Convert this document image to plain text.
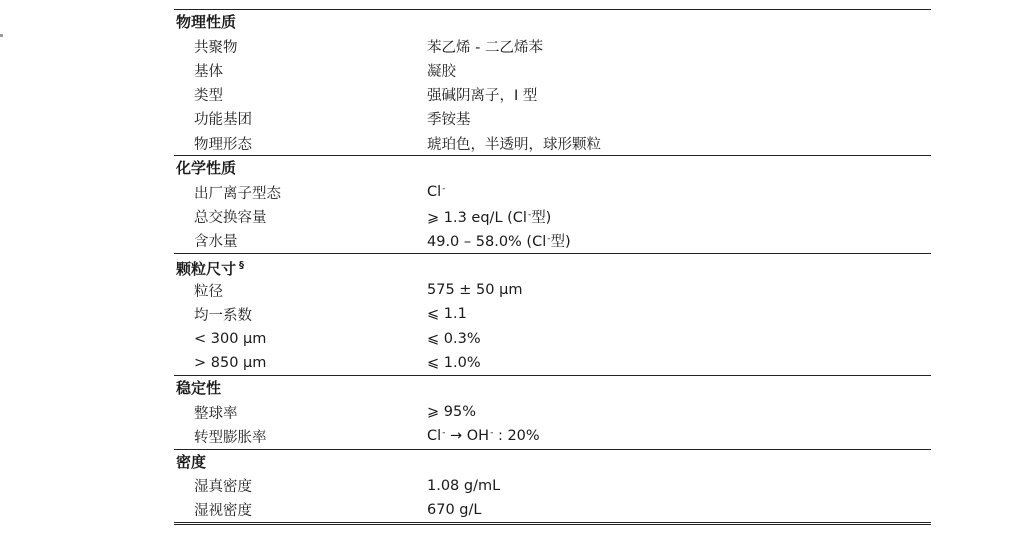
物理性质
共聚物	苯乙烯 - 二乙烯苯
基体	凝胶
类型	强碱阴离子，I 型
功能基团	季铵基
物理形态	琥珀色，半透明，球形颗粒
化学性质
出厂离子型态	Cl-
总交换容量	⩾ 1.3 eq/L (Cl-型)
含水量	49.0 – 58.0% (Cl-型)
颗粒尺寸 §
粒径	575 ± 50 µm
均一系数	⩽ 1.1
< 300 µm	⩽ 0.3%
> 850 µm	⩽ 1.0%
稳定性
整球率	⩾ 95%
转型膨胀率	Cl- → OH- : 20%
密度
湿真密度	1.08 g/mL
湿视密度	670 g/L
